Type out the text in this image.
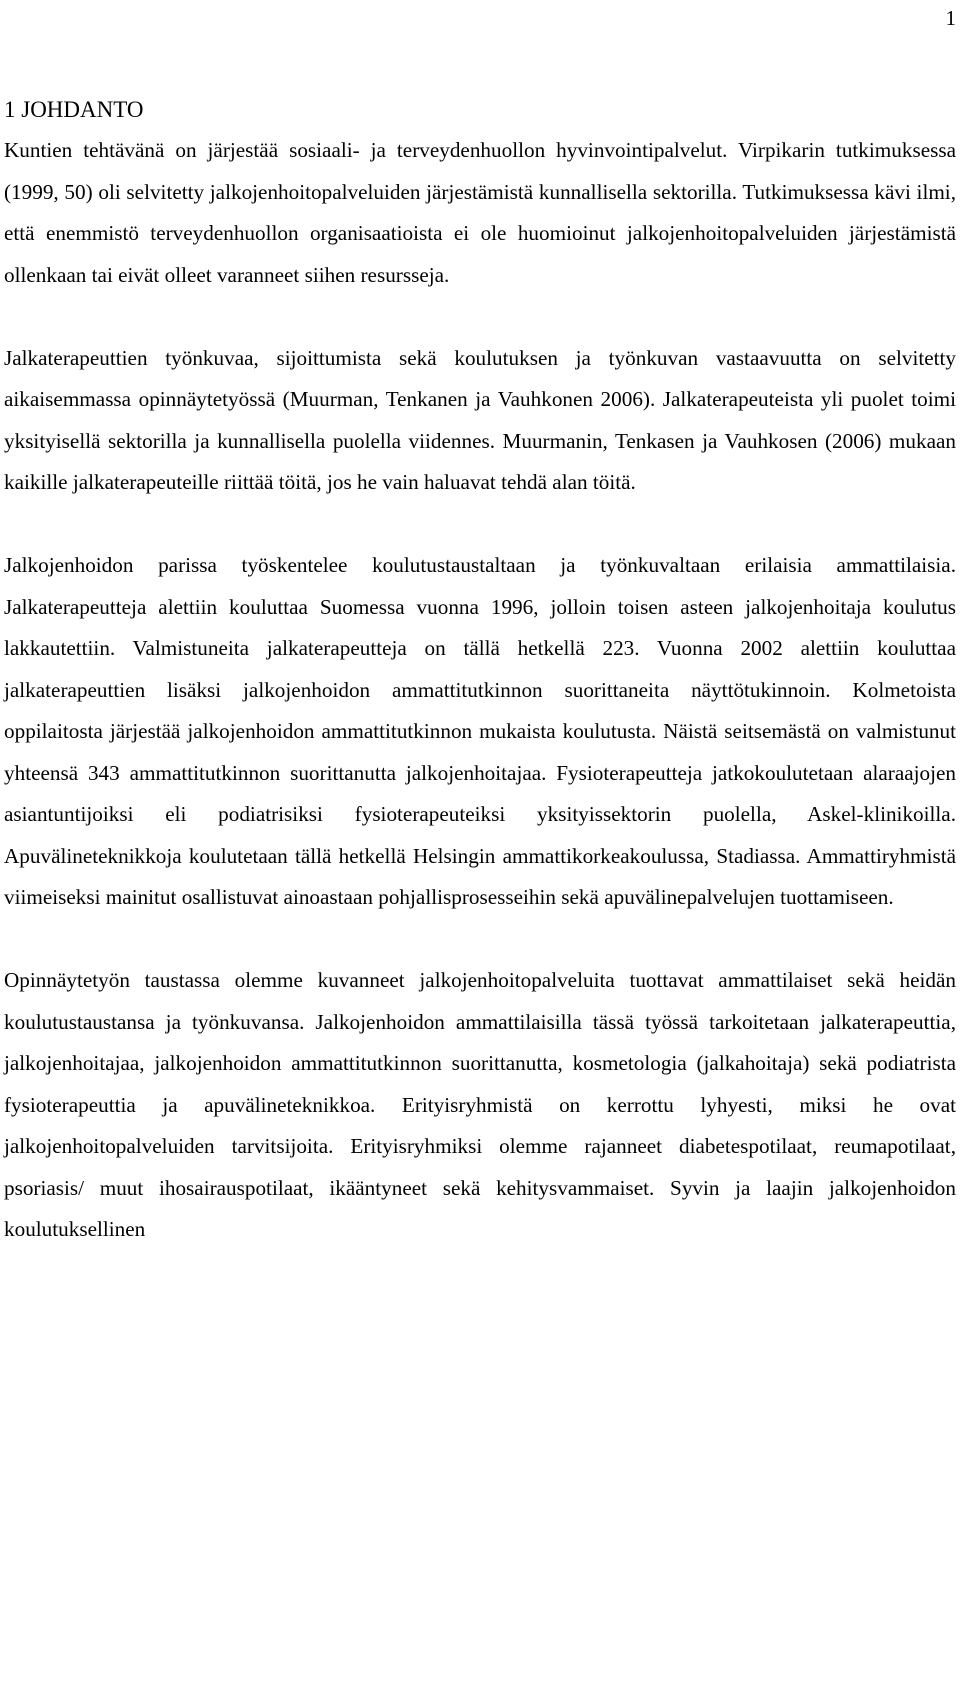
1
1 JOHDANTO

Kuntien tehtävänä on järjestää sosiaali- ja terveydenhuollon hyvinvointipalvelut. Virpikarin tutkimuksessa (1999, 50) oli selvitetty jalkojenhoitopalveluiden järjestämistä kunnallisella sektorilla. Tutkimuksessa kävi ilmi, että enemmistö terveydenhuollon organisaatioista ei ole huomioinut jalkojenhoitopalveluiden järjestämistä ollenkaan tai eivät olleet varanneet siihen resursseja.

Jalkaterapeuttien työnkuvaa, sijoittumista sekä koulutuksen ja työnkuvan vastaavuutta on selvitetty aikaisemmassa opinnäytetyössä (Muurman, Tenkanen ja Vauhkonen 2006). Jalkaterapeuteista yli puolet toimi yksityisellä sektorilla ja kunnallisella puolella viidennes. Muurmanin, Tenkasen ja Vauhkosen (2006) mukaan kaikille jalkaterapeuteille riittää töitä, jos he vain haluavat tehdä alan töitä.

Jalkojenhoidon parissa työskentelee koulutustaustaltaan ja työnkuvaltaan erilaisia ammattilaisia. Jalkaterapeutteja alettiin kouluttaa Suomessa vuonna 1996, jolloin toisen asteen jalkojenhoitaja koulutus lakkautettiin. Valmistuneita jalkaterapeutteja on tällä hetkellä 223. Vuonna 2002 alettiin kouluttaa jalkaterapeuttien lisäksi jalkojenhoidon ammattitutkinnon suorittaneita näyttötukinnoin. Kolmetoista oppilaitosta järjestää jalkojenhoidon ammattitutkinnon mukaista koulutusta. Näistä seitsemästä on valmistunut yhteensä 343 ammattitutkinnon suorittanutta jalkojenhoitajaa. Fysioterapeutteja jatkokoulutetaan alaraajojen asiantuntijoiksi eli podiatrisiksi fysioterapeuteiksi yksityissektorin puolella, Askel-klinikoilla. Apuvälineteknikkoja koulutetaan tällä hetkellä Helsingin ammattikorkeakoulussa, Stadiassa. Ammattiryhmistä viimeiseksi mainitut osallistuvat ainoastaan pohjallisprosesseihin sekä apuvälinepalvelujen tuottamiseen.

Opinnäytetyön taustassa olemme kuvanneet jalkojenhoitopalveluita tuottavat ammattilaiset sekä heidän koulutustaustansa ja työnkuvansa. Jalkojenhoidon ammattilaisilla tässä työssä tarkoitetaan jalkaterapeuttia, jalkojenhoitajaa, jalkojenhoidon ammattitutkinnon suorittanutta, kosmetologia (jalkahoitaja) sekä podiatrista fysioterapeuttia ja apuvälineteknikkoa. Erityisryhmistä on kerrottu lyhyesti, miksi he ovat jalkojenhoitopalveluiden tarvitsijoita. Erityisryhmiksi olemme rajanneet diabetespotilaat, reumapotilaat, psoriasis/ muut ihosairauspotilaat, ikääntyneet sekä kehitysvammaiset. Syvin ja laajin jalkojenhoidon koulutuksellinen
